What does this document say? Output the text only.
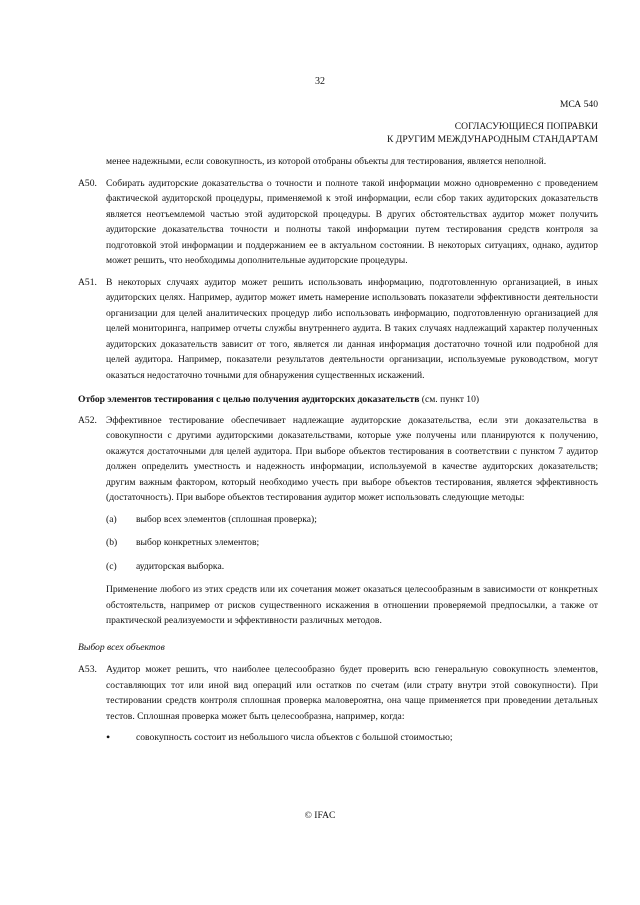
32
МСА 540
СОГЛАСУЮЩИЕСЯ ПОПРАВКИ
К ДРУГИМ МЕЖДУНАРОДНЫМ СТАНДАРТАМ
менее надежными, если совокупность, из которой отобраны объекты для тестирования, является неполной.
A50. Собирать аудиторские доказательства о точности и полноте такой информации можно одновременно с проведением фактической аудиторской процедуры, применяемой к этой информации, если сбор таких аудиторских доказательств является неотъемлемой частью этой аудиторской процедуры. В других обстоятельствах аудитор может получить аудиторские доказательства точности и полноты такой информации путем тестирования средств контроля за подготовкой этой информации и поддержанием ее в актуальном состоянии. В некоторых ситуациях, однако, аудитор может решить, что необходимы дополнительные аудиторские процедуры.
A51. В некоторых случаях аудитор может решить использовать информацию, подготовленную организацией, в иных аудиторских целях. Например, аудитор может иметь намерение использовать показатели эффективности деятельности организации для целей аналитических процедур либо использовать информацию, подготовленную организацией для целей мониторинга, например отчеты службы внутреннего аудита. В таких случаях надлежащий характер полученных аудиторских доказательств зависит от того, является ли данная информация достаточно точной или подробной для целей аудитора. Например, показатели результатов деятельности организации, используемые руководством, могут оказаться недостаточно точными для обнаружения существенных искажений.
Отбор элементов тестирования с целью получения аудиторских доказательств (см. пункт 10)
A52. Эффективное тестирование обеспечивает надлежащие аудиторские доказательства, если эти доказательства в совокупности с другими аудиторскими доказательствами, которые уже получены или планируются к получению, окажутся достаточными для целей аудитора. При выборе объектов тестирования в соответствии с пунктом 7 аудитор должен определить уместность и надежность информации, используемой в качестве аудиторских доказательств; другим важным фактором, который необходимо учесть при выборе объектов тестирования, является эффективность (достаточность). При выборе объектов тестирования аудитор может использовать следующие методы:
(a) выбор всех элементов (сплошная проверка);
(b) выбор конкретных элементов;
(c) аудиторская выборка.
Применение любого из этих средств или их сочетания может оказаться целесообразным в зависимости от конкретных обстоятельств, например от рисков существенного искажения в отношении проверяемой предпосылки, а также от практической реализуемости и эффективности различных методов.
Выбор всех объектов
A53. Аудитор может решить, что наиболее целесообразно будет проверить всю генеральную совокупность элементов, составляющих тот или иной вид операций или остатков по счетам (или страту внутри этой совокупности). При тестировании средств контроля сплошная проверка маловероятна, она чаще применяется при проведении детальных тестов. Сплошная проверка может быть целесообразна, например, когда:
•	совокупность состоит из небольшого числа объектов с большой стоимостью;
© IFAC
